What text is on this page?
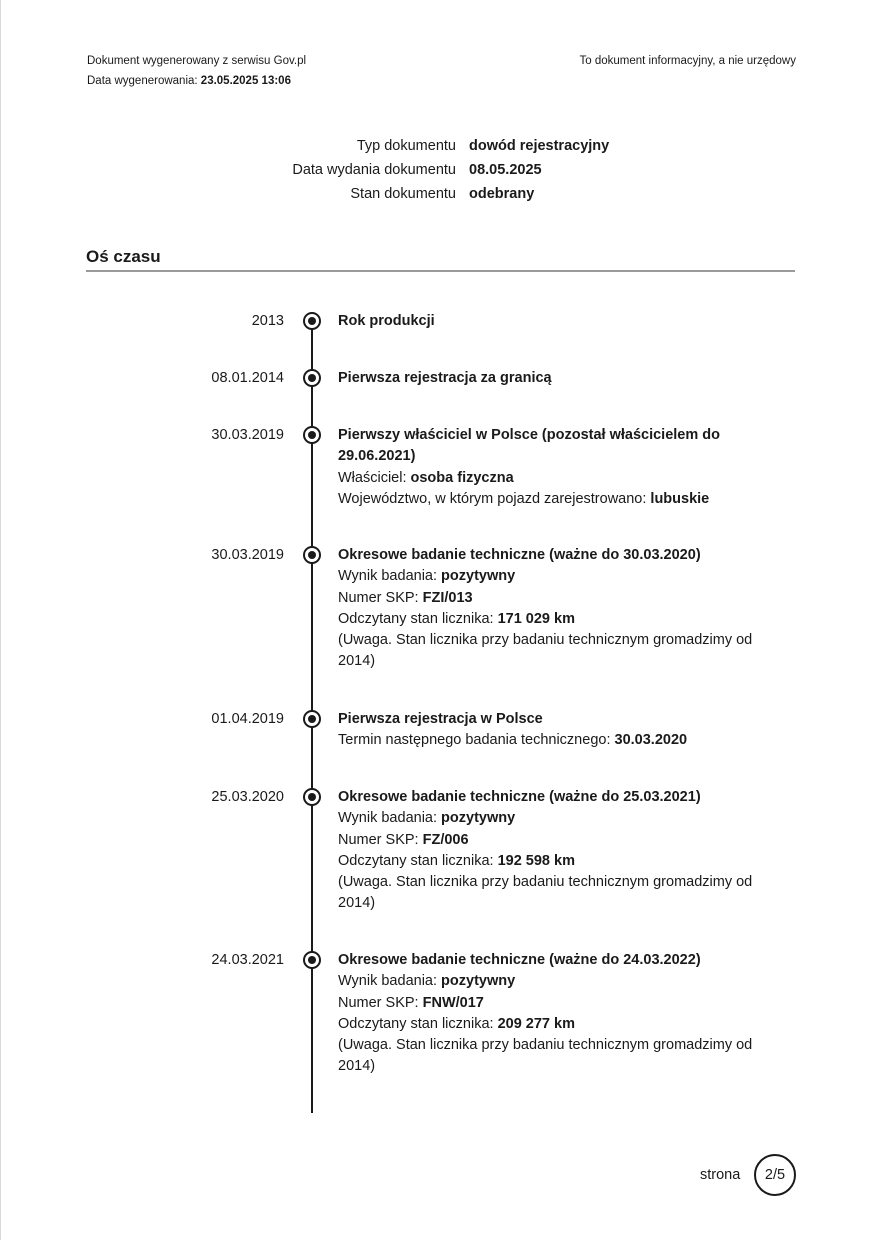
Dokument wygenerowany z serwisu Gov.pl
Data wygenerowania: 23.05.2025 13:06
To dokument informacyjny, a nie urzędowy
Typ dokumentu dowód rejestracyjny
Data wydania dokumentu 08.05.2025
Stan dokumentu odebrany
Oś czasu
2013	Rok produkcji
08.01.2014	Pierwsza rejestracja za granicą
30.03.2019	Pierwszy właściciel w Polsce (pozostał właścicielem do 29.06.2021)
Właściciel: osoba fizyczna
Województwo, w którym pojazd zarejestrowano: lubuskie
30.03.2019	Okresowe badanie techniczne (ważne do 30.03.2020)
Wynik badania: pozytywny
Numer SKP: FZI/013
Odczytany stan licznika: 171 029 km
(Uwaga. Stan licznika przy badaniu technicznym gromadzimy od 2014)
01.04.2019	Pierwsza rejestracja w Polsce
Termin następnego badania technicznego: 30.03.2020
25.03.2020	Okresowe badanie techniczne (ważne do 25.03.2021)
Wynik badania: pozytywny
Numer SKP: FZ/006
Odczytany stan licznika: 192 598 km
(Uwaga. Stan licznika przy badaniu technicznym gromadzimy od 2014)
24.03.2021	Okresowe badanie techniczne (ważne do 24.03.2022)
Wynik badania: pozytywny
Numer SKP: FNW/017
Odczytany stan licznika: 209 277 km
(Uwaga. Stan licznika przy badaniu technicznym gromadzimy od 2014)
strona	2/5
